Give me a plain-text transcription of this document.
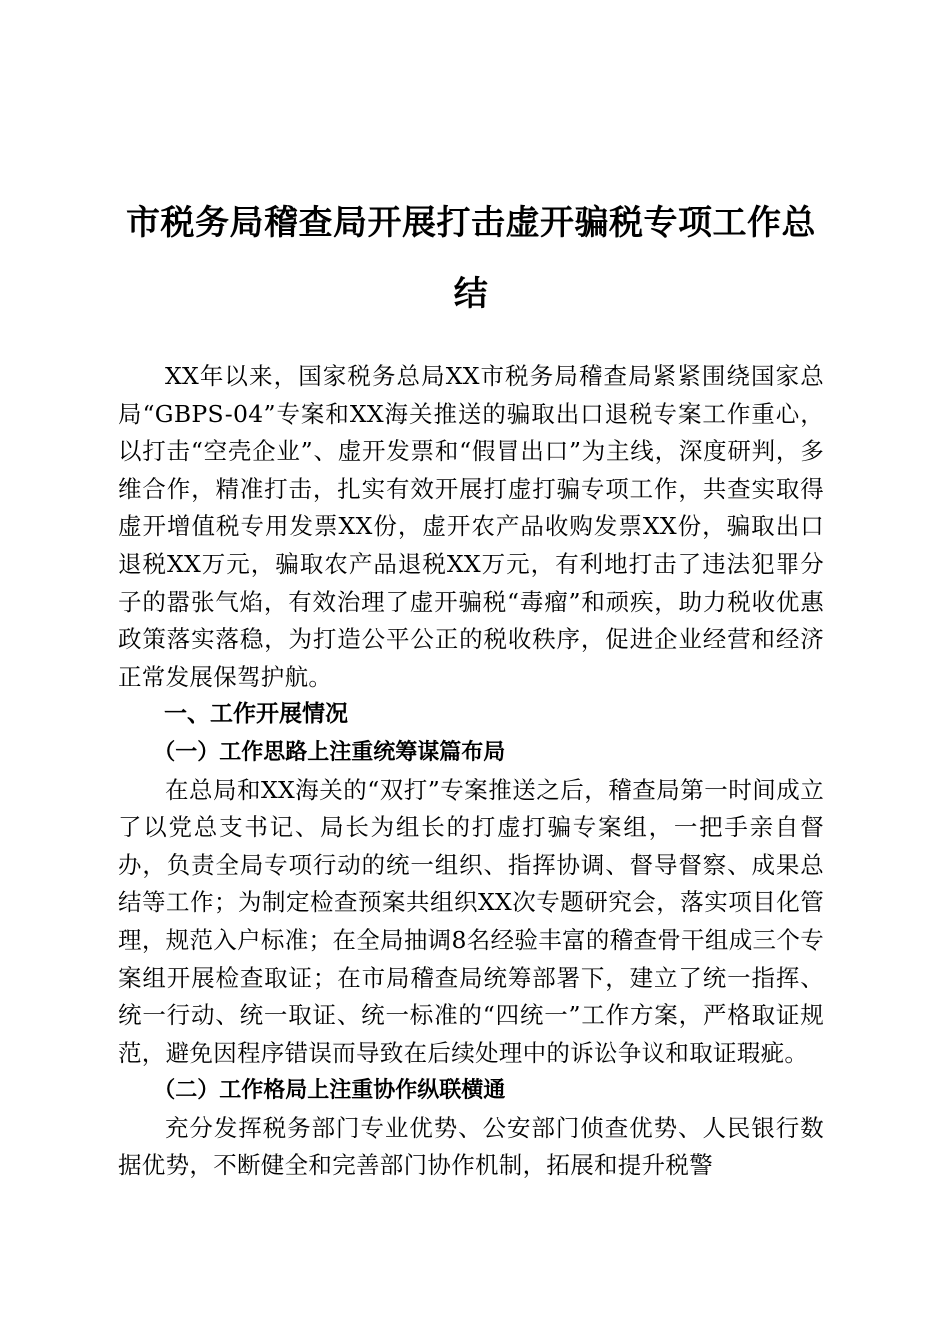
市税务局稽查局开展打击虚开骗税专项工作总结

XX年以来，国家税务总局XX市税务局稽查局紧紧围绕国家总局“GBPS-04”专案和XX海关推送的骗取出口退税专案工作重心，以打击“空壳企业”、虚开发票和“假冒出口”为主线，深度研判，多维合作，精准打击，扎实有效开展打虚打骗专项工作，共查实取得虚开增值税专用发票XX份，虚开农产品收购发票XX份，骗取出口退税XX万元，骗取农产品退税XX万元，有利地打击了违法犯罪分子的嚣张气焰，有效治理了虚开骗税“毒瘤”和顽疾，助力税收优惠政策落实落稳，为打造公平公正的税收秩序，促进企业经营和经济正常发展保驾护航。

一、工作开展情况

（一）工作思路上注重统筹谋篇布局

在总局和XX海关的“双打”专案推送之后，稽查局第一时间成立了以党总支书记、局长为组长的打虚打骗专案组，一把手亲自督办，负责全局专项行动的统一组织、指挥协调、督导督察、成果总结等工作；为制定检查预案共组织XX次专题研究会，落实项目化管理，规范入户标准；在全局抽调8名经验丰富的稽查骨干组成三个专案组开展检查取证；在市局稽查局统筹部署下，建立了统一指挥、统一行动、统一取证、统一标准的“四统一”工作方案，严格取证规范，避免因程序错误而导致在后续处理中的诉讼争议和取证瑕疵。

（二）工作格局上注重协作纵联横通

充分发挥税务部门专业优势、公安部门侦查优势、人民银行数据优势，不断健全和完善部门协作机制，拓展和提升税警
